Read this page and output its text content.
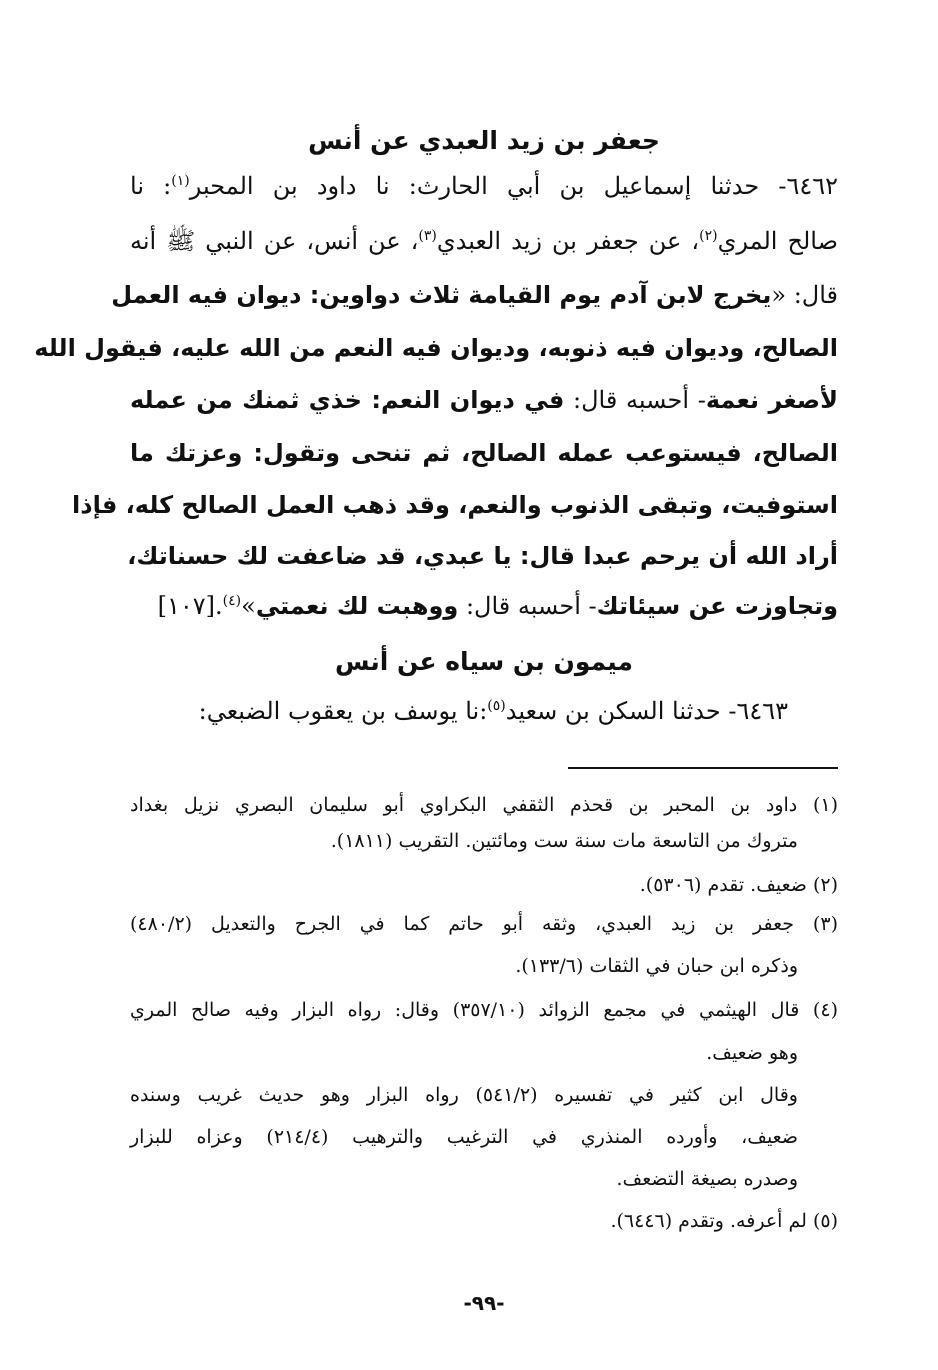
جعفر بن زيد العبدي عن أنس
٦٤٦٢- حدثنا إسماعيل بن أبي الحارث: نا داود بن المحبر$^{(١)}$: نا
صالح المري$^{(٢)}$، عن جعفر بن زيد العبدي$^{(٣)}$، عن أنس، عن النبي ﷺ أنه
قال: «يخرج لابن آدم يوم القيامة ثلاث دواوين: ديوان فيه العمل
الصالح، وديوان فيه ذنوبه، وديوان فيه النعم من الله عليه، فيقول الله
لأصغر نعمة- أحسبه قال: في ديوان النعم: خذي ثمنك من عمله
الصالح، فيستوعب عمله الصالح، ثم تنحى وتقول: وعزتك ما
استوفيت، وتبقى الذنوب والنعم، وقد ذهب العمل الصالح كله، فإذا
أراد الله أن يرحم عبدا قال: يا عبدي، قد ضاعفت لك حسناتك،
وتجاوزت عن سيئاتك- أحسبه قال: ووهبت لك نعمتي»$^{(٤)}$.[١٠٧]
ميمون بن سياه عن أنس
٦٤٦٣- حدثنا السكن بن سعيد$^{(٥)}$:نا يوسف بن يعقوب الضبعي:
(١) داود بن المحبر بن قحذم الثقفي البكراوي أبو سليمان البصري نزيل بغداد
متروك من التاسعة مات سنة ست ومائتين. التقريب (١٨١١).
(٢) ضعيف. تقدم (٥٣٠٦).
(٣) جعفر بن زيد العبدي، وثقه أبو حاتم كما في الجرح والتعديل (٤٨٠/٢)
وذكره ابن حبان في الثقات (١٣٣/٦).
(٤) قال الهيثمي في مجمع الزوائد (٣٥٧/١٠) وقال: رواه البزار وفيه صالح المري
وهو ضعيف.
وقال ابن كثير في تفسيره (٥٤١/٢) رواه البزار وهو حديث غريب وسنده
ضعيف، وأورده المنذري في الترغيب والترهيب (٢١٤/٤) وعزاه للبزار
وصدره بصيغة التضعف.
(٥) لم أعرفه. وتقدم (٦٤٤٦).
-٩٩-
